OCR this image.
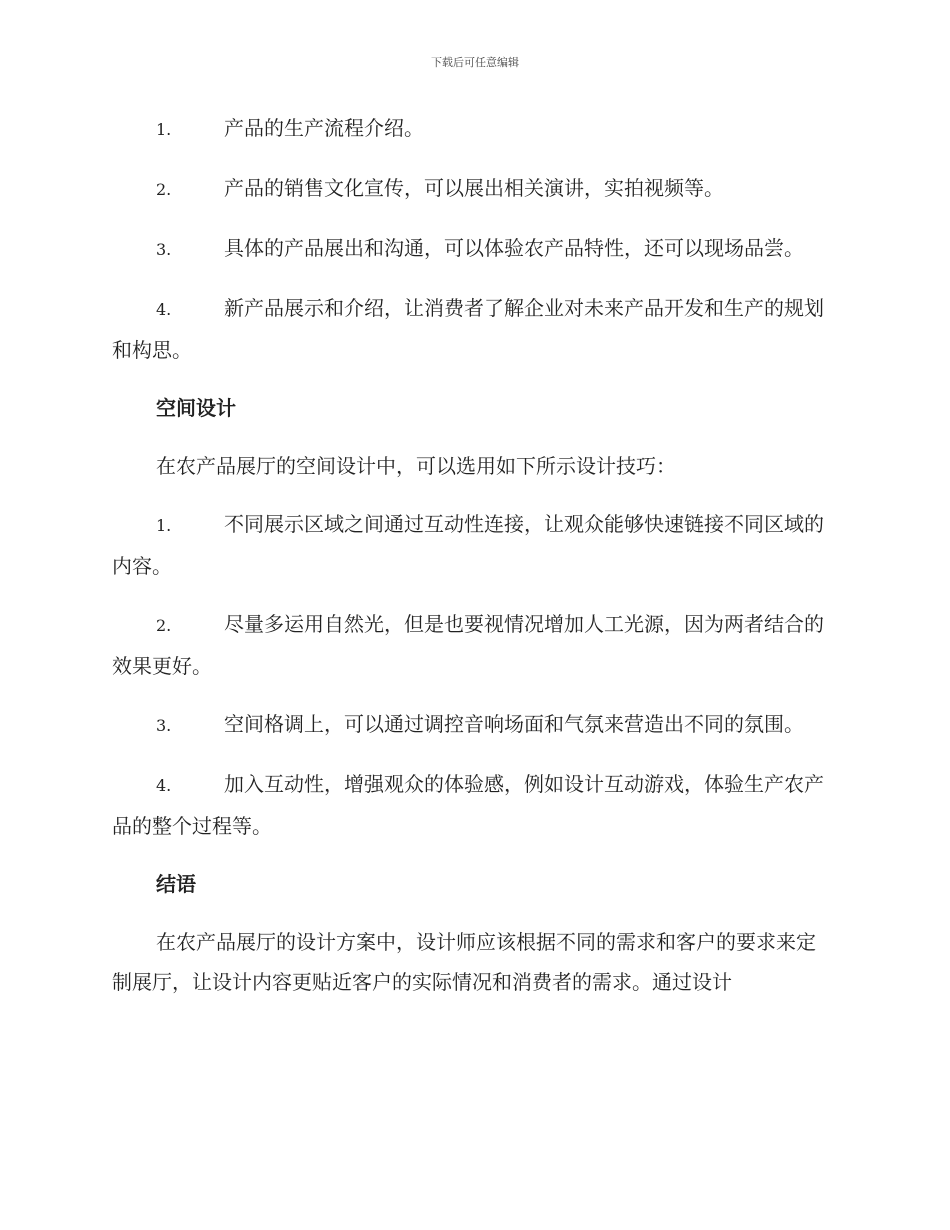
下载后可任意编辑

1.	产品的生产流程介绍。

2.	产品的销售文化宣传，可以展出相关演讲，实拍视频等。

3.	具体的产品展出和沟通，可以体验农产品特性，还可以现场品尝。

4.	新产品展示和介绍，让消费者了解企业对未来产品开发和生产的规划和构思。

空间设计

在农产品展厅的空间设计中，可以选用如下所示设计技巧：

1.	不同展示区域之间通过互动性连接，让观众能够快速链接不同区域的内容。

2.	尽量多运用自然光，但是也要视情况增加人工光源，因为两者结合的效果更好。

3.	空间格调上，可以通过调控音响场面和气氛来营造出不同的氛围。

4.	加入互动性，增强观众的体验感，例如设计互动游戏，体验生产农产品的整个过程等。

结语

在农产品展厅的设计方案中，设计师应该根据不同的需求和客户的要求来定制展厅，让设计内容更贴近客户的实际情况和消费者的需求。通过设计
